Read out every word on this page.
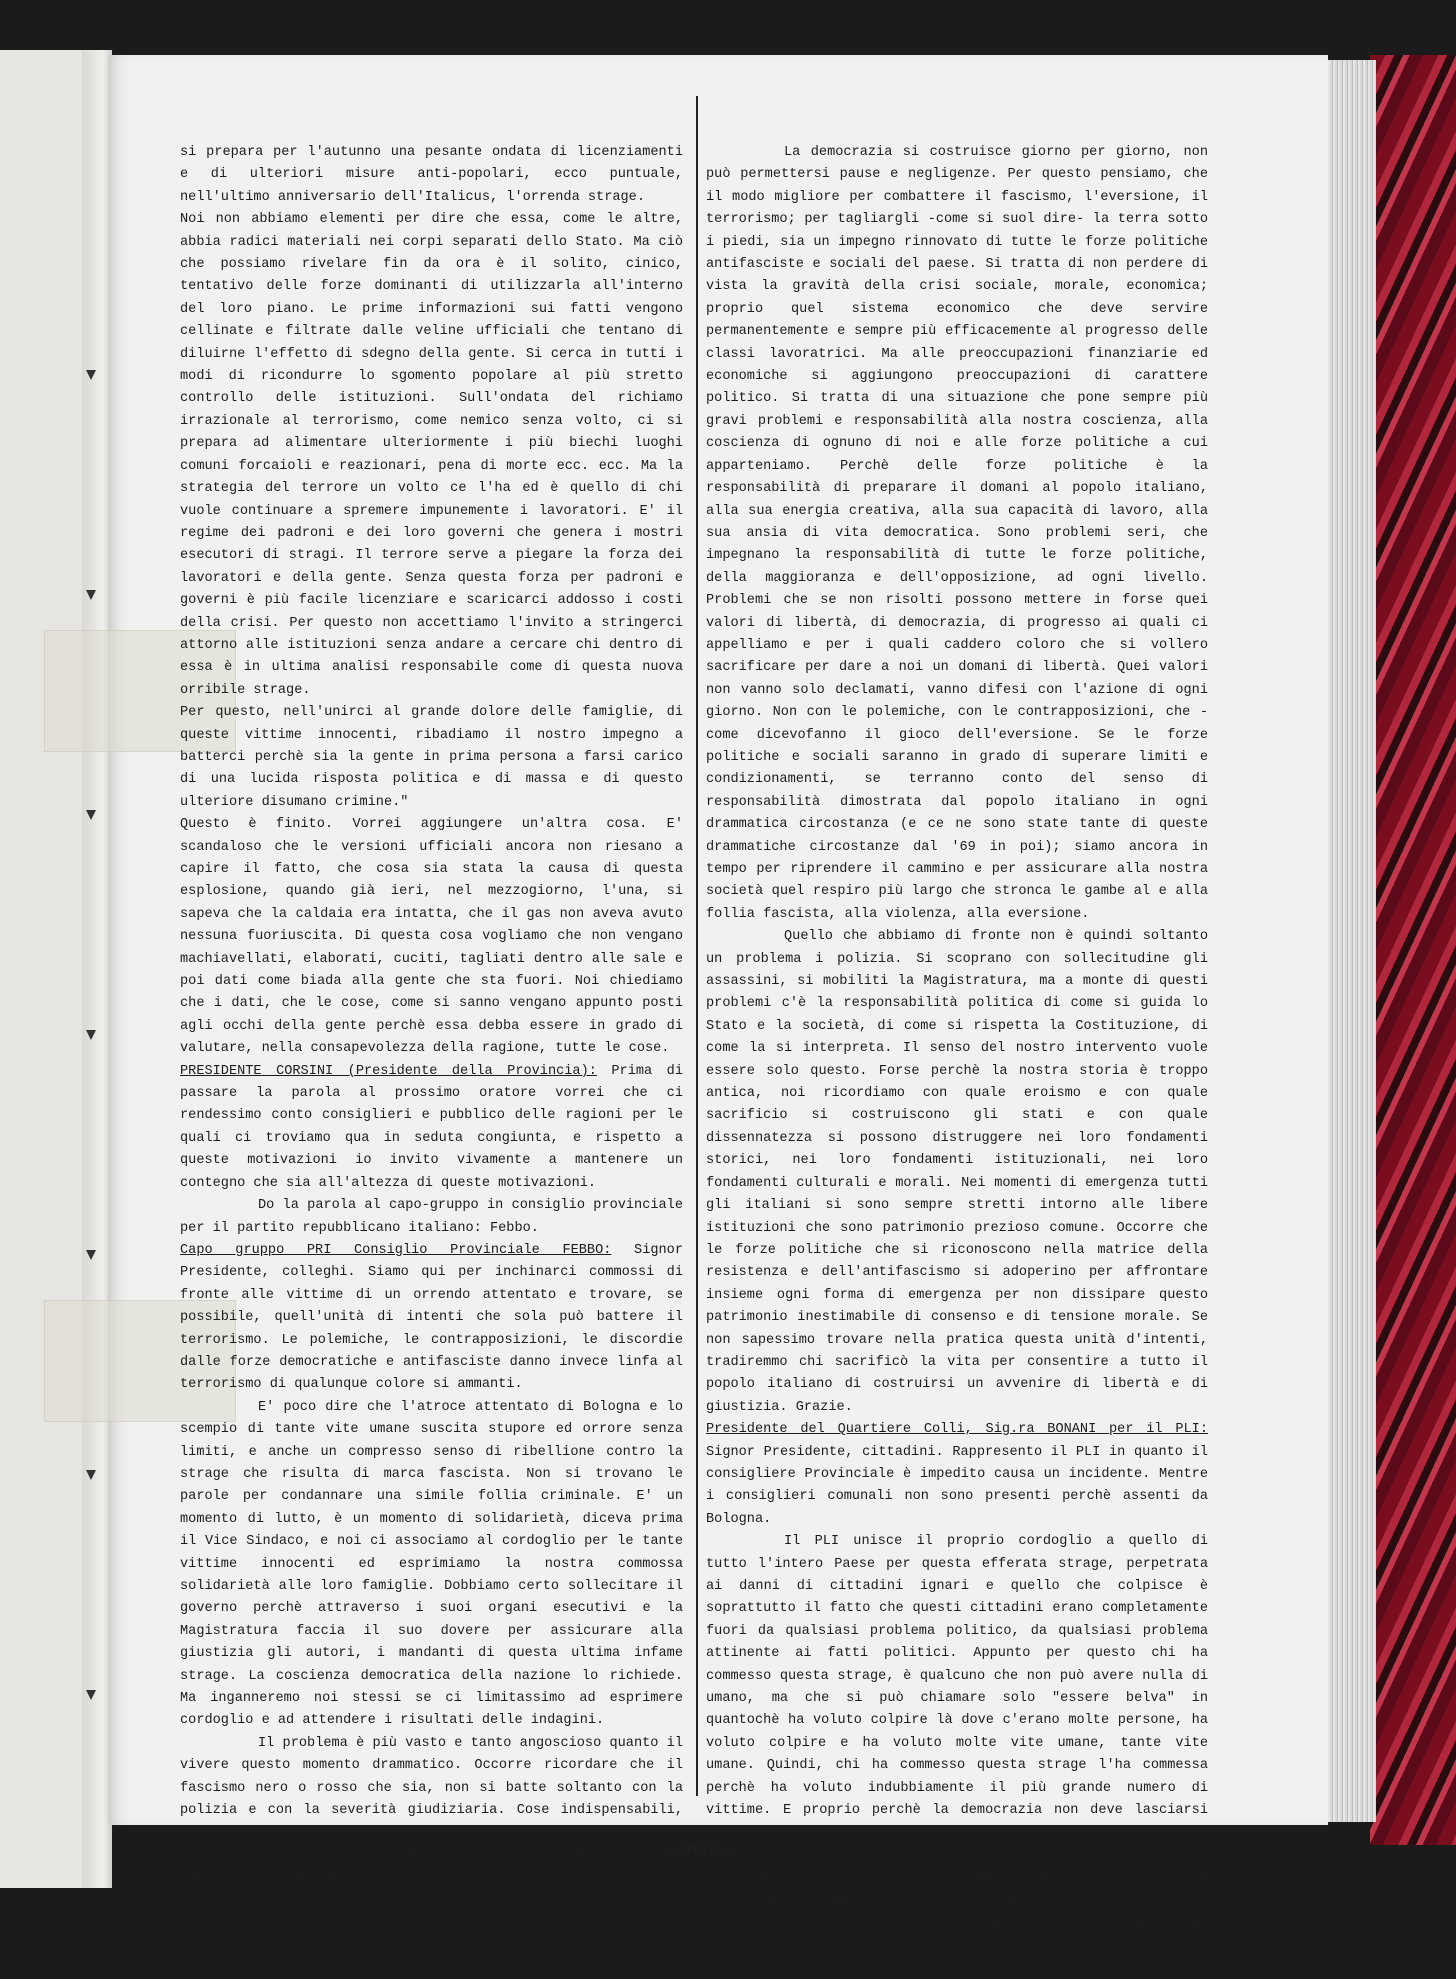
si prepara per l'autunno una pesante ondata di licenziamenti e di ulteriori misure anti-popolari, ecco puntuale, nell'ultimo anniversario dell'Italicus, l'orrenda strage.

Noi non abbiamo elementi per dire che essa, come le altre, abbia radici materiali nei corpi separati dello Stato. Ma ciò che possiamo rivelare fin da ora è il solito, cinico, tentativo delle forze dominanti di utilizzarla all'interno del loro piano. Le prime informazioni sui fatti vengono cellinate e filtrate dalle veline ufficiali che tentano di diluirne l'effetto di sdegno della gente. Si cerca in tutti i modi di ricondurre lo sgomento popolare al più stretto controllo delle istituzioni. Sull'ondata del richiamo irrazionale al terrorismo, come nemico senza volto, ci si prepara ad alimentare ulteriormente i più biechi luoghi comuni forcaioli e reazionari, pena di morte ecc. ecc. Ma la strategia del terrore un volto ce l'ha ed è quello di chi vuole continuare a spremere impunemente i lavoratori. E' il regime dei padroni e dei loro governi che genera i mostri esecutori di stragi. Il terrore serve a piegare la forza dei lavoratori e della gente. Senza questa forza per padroni e governi è più facile licenziare e scaricarci addosso i costi della crisi. Per questo non accettiamo l'invito a stringerci attorno alle istituzioni senza andare a cercare chi dentro di essa è in ultima analisi responsabile come di questa nuova orribile strage.

Per questo, nell'unirci al grande dolore delle famiglie, di queste vittime innocenti, ribadiamo il nostro impegno a batterci perchè sia la gente in prima persona a farsi carico di una lucida risposta politica e di massa e di questo ulteriore disumano crimine."

Questo è finito. Vorrei aggiungere un'altra cosa. E' scandaloso che le versioni ufficiali ancora non riesano a capire il fatto, che cosa sia stata la causa di questa esplosione, quando già ieri, nel mezzogiorno, l'una, si sapeva che la caldaia era intatta, che il gas non aveva avuto nessuna fuoriuscita. Di questa cosa vogliamo che non vengano machiavellati, elaborati, cuciti, tagliati dentro alle sale e poi dati come biada alla gente che sta fuori. Noi chiediamo che i dati, che le cose, come si sanno vengano appunto posti agli occhi della gente perchè essa debba essere in grado di valutare, nella consapevolezza della ragione, tutte le cose.

PRESIDENTE CORSINI (Presidente della Provincia): Prima di passare la parola al prossimo oratore vorrei che ci rendessimo conto consiglieri e pubblico delle ragioni per le quali ci troviamo qua in seduta congiunta, e rispetto a queste motivazioni io invito vivamente a mantenere un contegno che sia all'altezza di queste motivazioni.

Do la parola al capo-gruppo in consiglio provinciale per il partito repubblicano italiano: Febbo.

Capo gruppo PRI Consiglio Provinciale FEBBO: Signor Presidente, colleghi. Siamo qui per inchinarci commossi di fronte alle vittime di un orrendo attentato e trovare, se possibile, quell'unità di intenti che sola può battere il terrorismo. Le polemiche, le contrapposizioni, le discordie dalle forze democratiche e antifasciste danno invece linfa al terrorismo di qualunque colore si ammanti.

E' poco dire che l'atroce attentato di Bologna e lo scempio di tante vite umane suscita stupore ed orrore senza limiti, e anche un compresso senso di ribellione contro la strage che risulta di marca fascista. Non si trovano le parole per condannare una simile follia criminale. E' un momento di lutto, è un momento di solidarietà, diceva prima il Vice Sindaco, e noi ci associamo al cordoglio per le tante vittime innocenti ed esprimiamo la nostra commossa solidarietà alle loro famiglie. Dobbiamo certo sollecitare il governo perchè attraverso i suoi organi esecutivi e la Magistratura faccia il suo dovere per assicurare alla giustizia gli autori, i mandanti di questa ultima infame strage. La coscienza democratica della nazione lo richiede. Ma inganneremo noi stessi se ci limitassimo ad esprimere cordoglio e ad attendere i risultati delle indagini.

Il problema è più vasto e tanto angoscioso quanto il vivere questo momento drammatico. Occorre ricordare che il fascismo nero o rosso che sia, non si batte soltanto con la polizia e con la severità giudiziaria. Cose indispensabili, non c'è dubbio, specie in tempi così gravi, ma ad esse va aggiunto il rigore più difficile, quello quotidiano della vita dello stato democratico.

La democrazia si costruisce giorno per giorno, non può permettersi pause e negligenze. Per questo pensiamo, che il modo migliore per combattere il fascismo, l'eversione, il terrorismo; per tagliargli -come si suol dire- la terra sotto i piedi, sia un impegno rinnovato di tutte le forze politiche antifasciste e sociali del paese. Si tratta di non perdere di vista la gravità della crisi sociale, morale, economica; proprio quel sistema economico che deve servire permanentemente e sempre più efficacemente al progresso delle classi lavoratrici. Ma alle preoccupazioni finanziarie ed economiche si aggiungono preoccupazioni di carattere politico. Si tratta di una situazione che pone sempre più gravi problemi e responsabilità alla nostra coscienza, alla coscienza di ognuno di noi e alle forze politiche a cui apparteniamo. Perchè delle forze politiche è la responsabilità di preparare il domani al popolo italiano, alla sua energia creativa, alla sua capacità di lavoro, alla sua ansia di vita democratica. Sono problemi seri, che impegnano la responsabilità di tutte le forze politiche, della maggioranza e dell'opposizione, ad ogni livello. Problemi che se non risolti possono mettere in forse quei valori di libertà, di democrazia, di progresso ai quali ci appelliamo e per i quali caddero coloro che si vollero sacrificare per dare a noi un domani di libertà. Quei valori non vanno solo declamati, vanno difesi con l'azione di ogni giorno. Non con le polemiche, con le contrapposizioni, che -come dicevofanno il gioco dell'eversione. Se le forze politiche e sociali saranno in grado di superare limiti e condizionamenti, se terranno conto del senso di responsabilità dimostrata dal popolo italiano in ogni drammatica circostanza (e ce ne sono state tante di queste drammatiche circostanze dal '69 in poi); siamo ancora in tempo per riprendere il cammino e per assicurare alla nostra società quel respiro più largo che stronca le gambe al e alla follia fascista, alla violenza, alla eversione.

Quello che abbiamo di fronte non è quindi soltanto un problema i polizia. Si scoprano con sollecitudine gli assassini, si mobiliti la Magistratura, ma a monte di questi problemi c'è la responsabilità politica di come si guida lo Stato e la società, di come si rispetta la Costituzione, di come la si interpreta. Il senso del nostro intervento vuole essere solo questo. Forse perchè la nostra storia è troppo antica, noi ricordiamo con quale eroismo e con quale sacrificio si costruiscono gli stati e con quale dissennatezza si possono distruggere nei loro fondamenti storici, nei loro fondamenti istituzionali, nei loro fondamenti culturali e morali. Nei momenti di emergenza tutti gli italiani si sono sempre stretti intorno alle libere istituzioni che sono patrimonio prezioso comune. Occorre che le forze politiche che si riconoscono nella matrice della resistenza e dell'antifascismo si adoperino per affrontare insieme ogni forma di emergenza per non dissipare questo patrimonio inestimabile di consenso e di tensione morale. Se non sapessimo trovare nella pratica questa unità d'intenti, tradiremmo chi sacrificò la vita per consentire a tutto il popolo italiano di costruirsi un avvenire di libertà e di giustizia. Grazie.

Presidente del Quartiere Colli, Sig.ra BONANI per il PLI: Signor Presidente, cittadini. Rappresento il PLI in quanto il consigliere Provinciale è impedito causa un incidente. Mentre i consiglieri comunali non sono presenti perchè assenti da Bologna.

Il PLI unisce il proprio cordoglio a quello di tutto l'intero Paese per questa efferata strage, perpetrata ai danni di cittadini ignari e quello che colpisce è soprattutto il fatto che questi cittadini erano completamente fuori da qualsiasi problema politico, da qualsiasi problema attinente ai fatti politici. Appunto per questo chi ha commesso questa strage, è qualcuno che non può avere nulla di umano, ma che si può chiamare solo "essere belva" in quantochè ha voluto colpire là dove c'erano molte persone, ha voluto colpire e ha voluto molte vite umane, tante vite umane. Quindi, chi ha commesso questa strage l'ha commessa perchè ha voluto indubbiamente il più grande numero di vittime. E proprio perchè la democrazia non deve lasciarsi sopraffare da questi esseri, la democrazia deve dimostrare di non volere nè vendetta, nè muoversi per collera, ma volere giustizia. Giustizia nei confronti di chi ha eseguito e nei confronti di chi ha mandato queste persone. Perchè ritengo che il massimo dell'espressione di libertà e di democrazia sia la giustizia: giustizia che venga eseguita in maniera rapida, venga eseguita e

– 1027 –
